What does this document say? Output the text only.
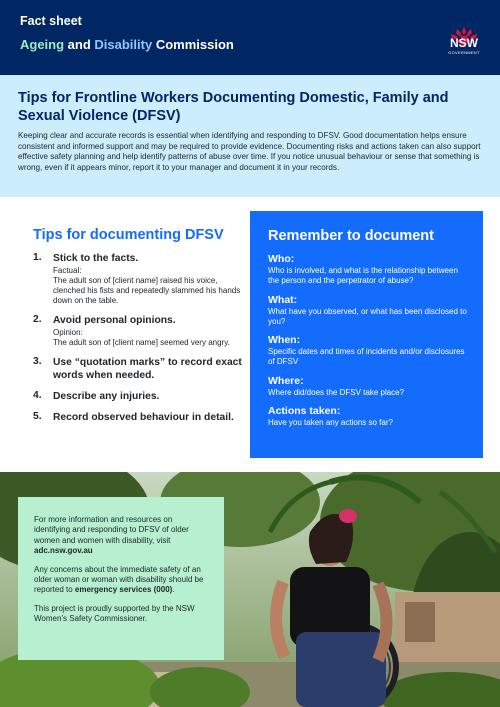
Fact sheet
Ageing and Disability Commission	NSW
GOVERNMENT
Tips for Frontline Workers Documenting Domestic, Family and Sexual Violence (DFSV)
Keeping clear and accurate records is essential when identifying and responding to DFSV. Good documentation helps ensure consistent and informed support and may be required to provide evidence. Documenting risks and actions taken can also support effective safety planning and help identify patterns of abuse over time. If you notice unusual behaviour or sense that something is wrong, even if it appears minor, report it to your manager and document it in your records.
Tips for documenting DFSV
1. Stick to the facts.
Factual:
The adult son of [client name] raised his voice, clenched his fists and repeatedly slammed his hands down on the table.
2. Avoid personal opinions.
Opinion:
The adult son of [client name] seemed very angry.
3. Use “quotation marks” to record exact words when needed.
4. Describe any injuries.
5. Record observed behaviour in detail.
Remember to document
Who:
Who is involved, and what is the relationship between the person and the perpetrator of abuse?
What:
What have you observed, or what has been disclosed to you?
When:
Specific dates and times of incidents and/or disclosures of DFSV
Where:
Where did/does the DFSV take place?
Actions taken:
Have you taken any actions so far?

For more information and resources on identifying and responding to DFSV of older women and women with disability, visit adc.nsw.gov.au

Any concerns about the immediate safety of an older woman or woman with disability should be reported to emergency services (000).

This project is proudly supported by the NSW Women’s Safety Commissioner.
